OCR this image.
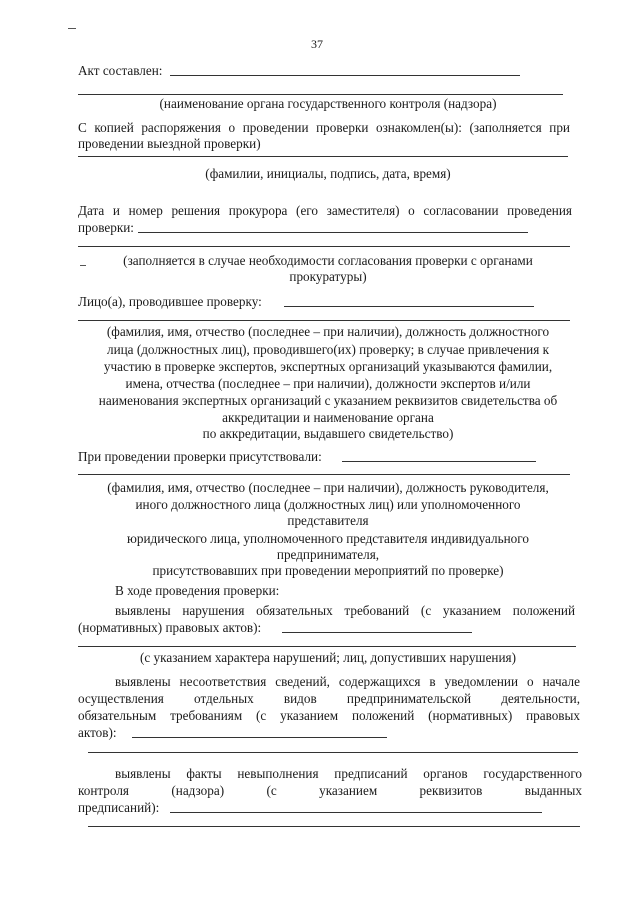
37
Акт составлен:
(наименование органа государственного контроля (надзора)
С копией распоряжения о проведении проверки ознакомлен(ы): (заполняется при
проведении выездной проверки)
(фамилии, инициалы, подпись, дата, время)
Дата и номер решения прокурора (его заместителя) о согласовании проведения
проверки:
(заполняется в случае необходимости согласования проверки с органами
прокуратуры)
Лицо(а), проводившее проверку:
(фамилия, имя, отчество (последнее – при наличии), должность должностного
лица (должностных лиц), проводившего(их) проверку; в случае привлечения к
участию в проверке экспертов, экспертных организаций указываются фамилии,
имена, отчества (последнее – при наличии), должности экспертов и/или
наименования экспертных организаций с указанием реквизитов свидетельства об
аккредитации и наименование органа
по аккредитации, выдавшего свидетельство)
При проведении проверки присутствовали:
(фамилия, имя, отчество (последнее – при наличии), должность руководителя,
иного должностного лица (должностных лиц) или уполномоченного
представителя
юридического лица, уполномоченного представителя индивидуального
предпринимателя,
присутствовавших при проведении мероприятий по проверке)
В ходе проведения проверки:
выявлены нарушения обязательных требований (с указанием положений
(нормативных) правовых актов):
(с указанием характера нарушений; лиц, допустивших нарушения)
выявлены несоответствия сведений, содержащихся в уведомлении о начале
осуществления отдельных видов предпринимательской деятельности,
обязательным требованиям (с указанием положений (нормативных) правовых
актов):
выявлены факты невыполнения предписаний органов государственного
контроля (надзора) (с указанием реквизитов выданных
предписаний):
